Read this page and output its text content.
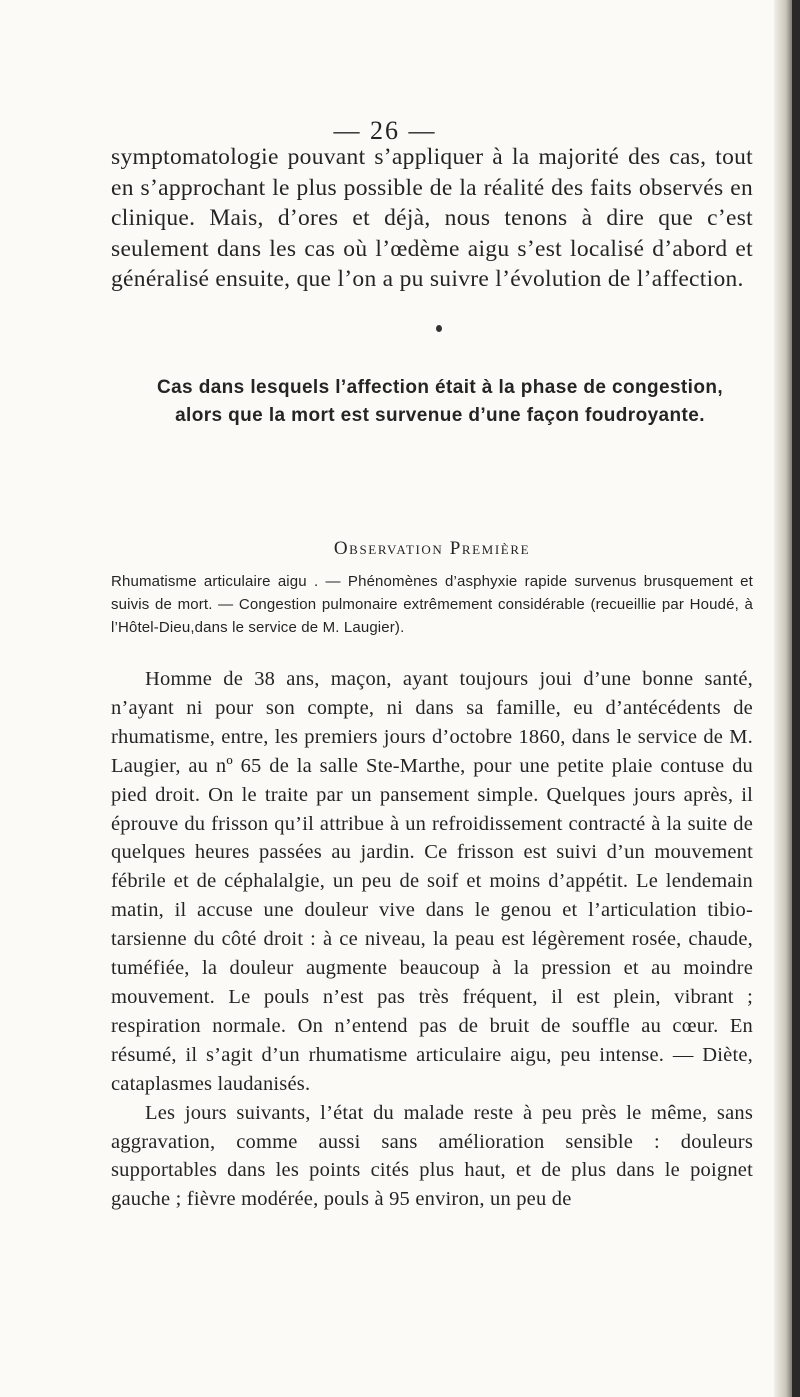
— 26 —

symptomatologie pouvant s’appliquer à la majorité des cas, tout en s’approchant le plus possible de la réalité des faits observés en clinique. Mais, d’ores et déjà, nous tenons à dire que c’est seulement dans les cas où l’œdème aigu s’est localisé d’abord et généralisé ensuite, que l’on a pu suivre l’évolution de l’affection.

Cas dans lesquels l’affection était à la phase de congestion, alors que la mort est survenue d’une façon foudroyante.

Observation Première

Rhumatisme articulaire aigu . — Phénomènes d’asphyxie rapide survenus brusquement et suivis de mort. — Congestion pulmonaire extrêmement considérable (recueillie par Houdé, à l’Hôtel-Dieu,dans le service de M. Laugier).

Homme de 38 ans, maçon, ayant toujours joui d’une bonne santé, n’ayant ni pour son compte, ni dans sa famille, eu d’antécédents de rhumatisme, entre, les premiers jours d’octobre 1860, dans le service de M. Laugier, au nº 65 de la salle Ste-Marthe, pour une petite plaie contuse du pied droit. On le traite par un pansement simple. Quelques jours après, il éprouve du frisson qu’il attribue à un refroidissement contracté à la suite de quelques heures passées au jardin. Ce frisson est suivi d’un mouvement fébrile et de céphalalgie, un peu de soif et moins d’appétit. Le lendemain matin, il accuse une douleur vive dans le genou et l’articulation tibio-tarsienne du côté droit : à ce niveau, la peau est légèrement rosée, chaude, tuméfiée, la douleur augmente beaucoup à la pression et au moindre mouvement. Le pouls n’est pas très fréquent, il est plein, vibrant ; respiration normale. On n’entend pas de bruit de souffle au cœur. En résumé, il s’agit d’un rhumatisme articulaire aigu, peu intense. — Diète, cataplasmes laudanisés.
Les jours suivants, l’état du malade reste à peu près le même, sans aggravation, comme aussi sans amélioration sensible : douleurs supportables dans les points cités plus haut, et de plus dans le poignet gauche ; fièvre modérée, pouls à 95 environ, un peu de
